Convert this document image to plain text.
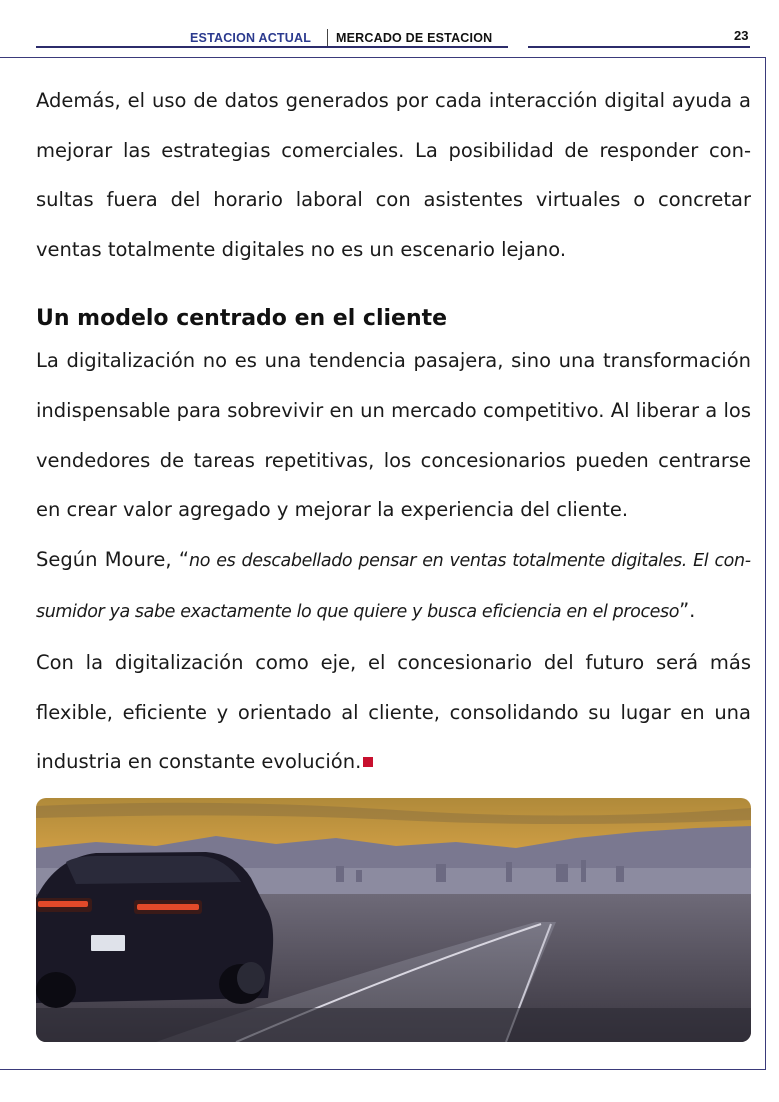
ESTACION ACTUAL MERCADO DE ESTACION	23

Además, el uso de datos generados por cada interacción digital ayuda a mejorar las estrategias comerciales. La posibilidad de responder consultas fuera del horario laboral con asistentes virtuales o concretar ventas totalmente digitales no es un escenario lejano.

Un modelo centrado en el cliente

La digitalización no es una tendencia pasajera, sino una transformación indispensable para sobrevivir en un mercado competitivo. Al liberar a los vendedores de tareas repetitivas, los concesionarios pueden centrarse en crear valor agregado y mejorar la experiencia del cliente.

Según Moure, “no es descabellado pensar en ventas totalmente digitales. El consumidor ya sabe exactamente lo que quiere y busca eficiencia en el proceso”.

Con la digitalización como eje, el concesionario del futuro será más flexible, eficiente y orientado al cliente, consolidando su lugar en una industria en constante evolución.
